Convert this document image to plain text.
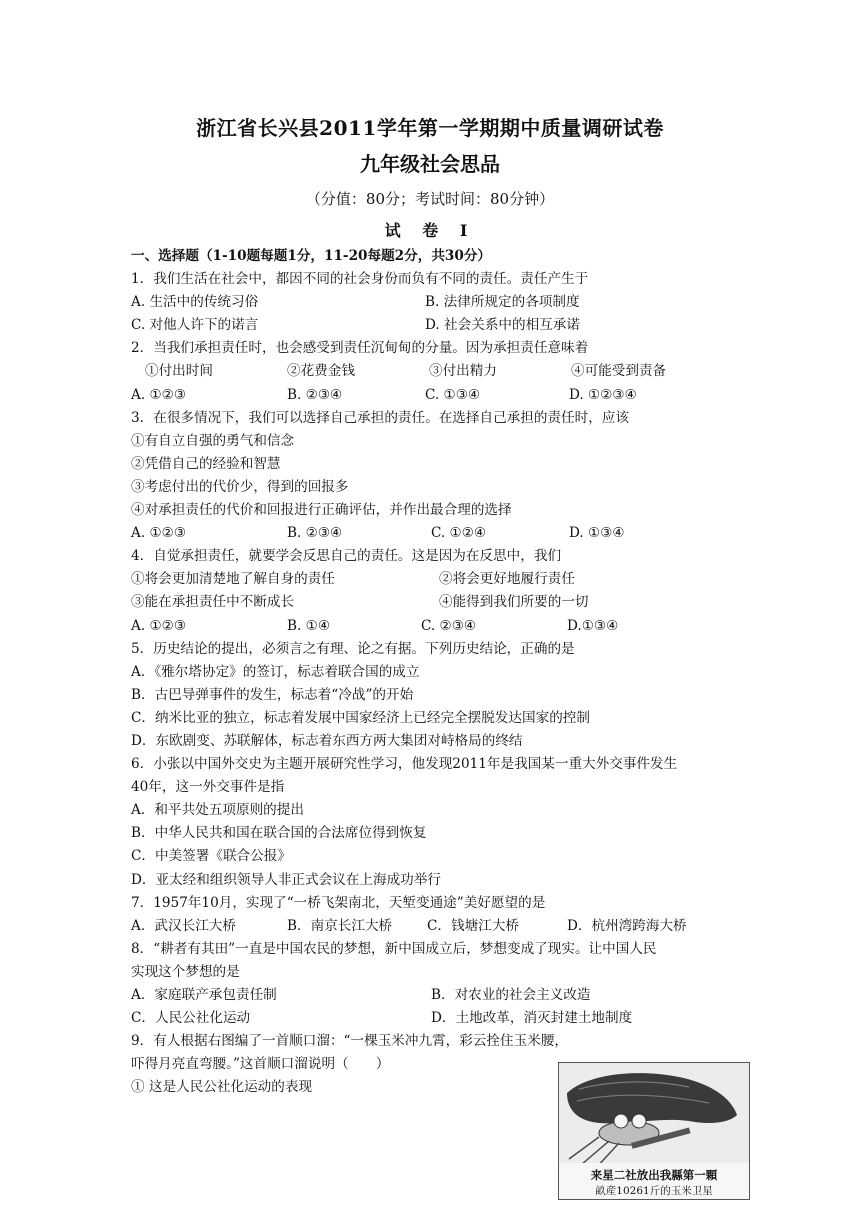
浙江省长兴县2011学年第一学期期中质量调研试卷
九年级社会思品
（分值：80分；考试时间：80分钟）
试 卷 Ⅰ
一、选择题（1-10题每题1分，11-20每题2分，共30分）
1．我们生活在社会中，都因不同的社会身份而负有不同的责任。责任产生于
A. 生活中的传统习俗	B. 法律所规定的各项制度
C. 对他人许下的诺言	D. 社会关系中的相互承诺
2．当我们承担责任时，也会感受到责任沉甸甸的分量。因为承担责任意味着
①付出时间	②花费金钱	③付出精力	④可能受到责备
A. ①②③	B. ②③④	C. ①③④	D. ①②③④
3．在很多情况下，我们可以选择自己承担的责任。在选择自己承担的责任时，应该
①有自立自强的勇气和信念
②凭借自己的经验和智慧
③考虑付出的代价少，得到的回报多
④对承担责任的代价和回报进行正确评估，并作出最合理的选择
A. ①②③	B. ②③④	C. ①②④	D. ①③④
4．自觉承担责任，就要学会反思自己的责任。这是因为在反思中，我们
①将会更加清楚地了解自身的责任	②将会更好地履行责任
③能在承担责任中不断成长	④能得到我们所要的一切
A. ①②③	B. ①④	C. ②③④	D.①③④
5．历史结论的提出，必须言之有理、论之有据。下列历史结论，正确的是
A．《雅尔塔协定》的签订，标志着联合国的成立
B．古巴导弹事件的发生，标志着“冷战”的开始
C．纳米比亚的独立，标志着发展中国家经济上已经完全摆脱发达国家的控制
D．东欧剧变、苏联解体，标志着东西方两大集团对峙格局的终结
6．小张以中国外交史为主题开展研究性学习，他发现2011年是我国某一重大外交事件发生
40年，这一外交事件是指
A．和平共处五项原则的提出
B．中华人民共和国在联合国的合法席位得到恢复
C．中美签署《联合公报》
D．亚太经和组织领导人非正式会议在上海成功举行
7．1957年10月，实现了“一桥飞架南北，天堑变通途”美好愿望的是
A．武汉长江大桥	B．南京长江大桥	C．钱塘江大桥	D．杭州湾跨海大桥
8．“耕者有其田”一直是中国农民的梦想，新中国成立后，梦想变成了现实。让中国人民
实现这个梦想的是
A．家庭联产承包责任制	B．对农业的社会主义改造
C．人民公社化运动	D．土地改革，消灭封建土地制度
9．有人根据右图编了一首顺口溜：“一棵玉米冲九霄，彩云拴住玉米腰，
吓得月亮直弯腰。”这首顺口溜说明（　　）
① 这是人民公社化运动的表现
来星二社放出我縣第一顆
畝産10261斤的玉米卫星
